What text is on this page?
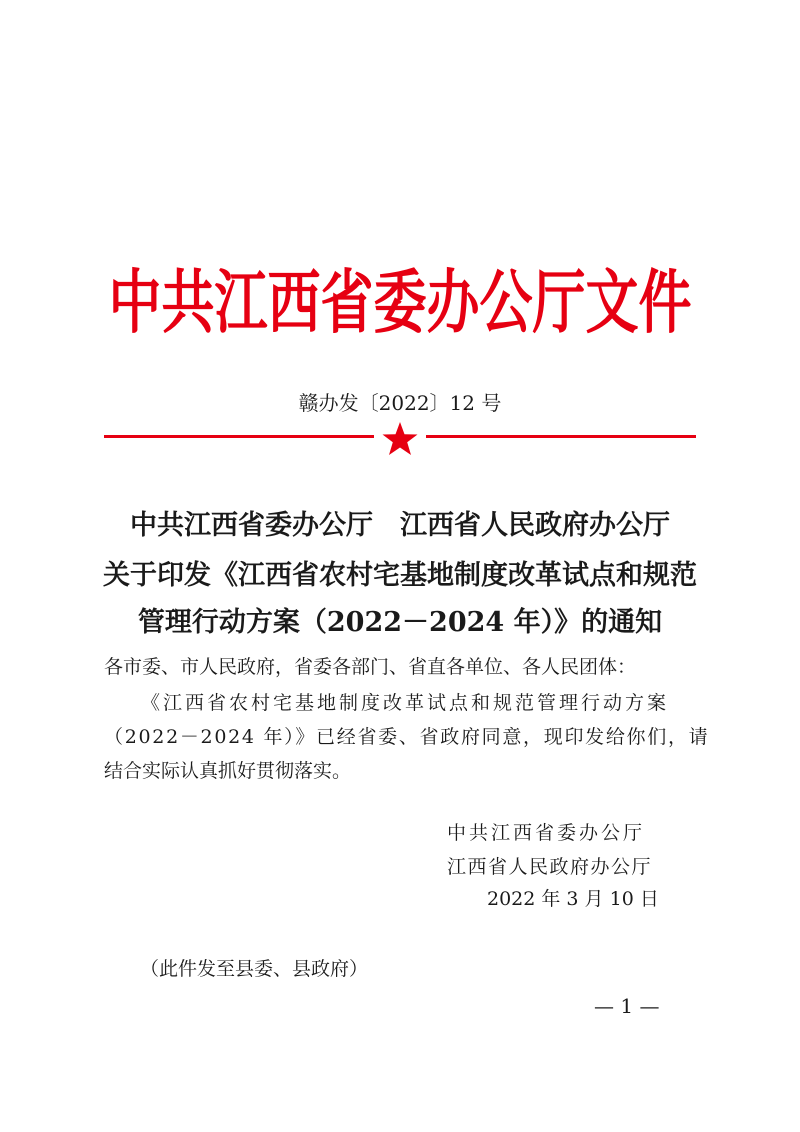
中共江西省委办公厅文件
赣办发〔2022〕12 号
中共江西省委办公厅　江西省人民政府办公厅
关于印发《江西省农村宅基地制度改革试点和规范
管理行动方案（2022－2024 年）》的通知
各市委、市人民政府，省委各部门、省直各单位、各人民团体：
《江西省农村宅基地制度改革试点和规范管理行动方案
（2022－2024 年）》已经省委、省政府同意，现印发给你们，请
结合实际认真抓好贯彻落实。
中共江西省委办公厅
江西省人民政府办公厅
2022 年 3 月 10 日
（此件发至县委、县政府）
— 1 —
